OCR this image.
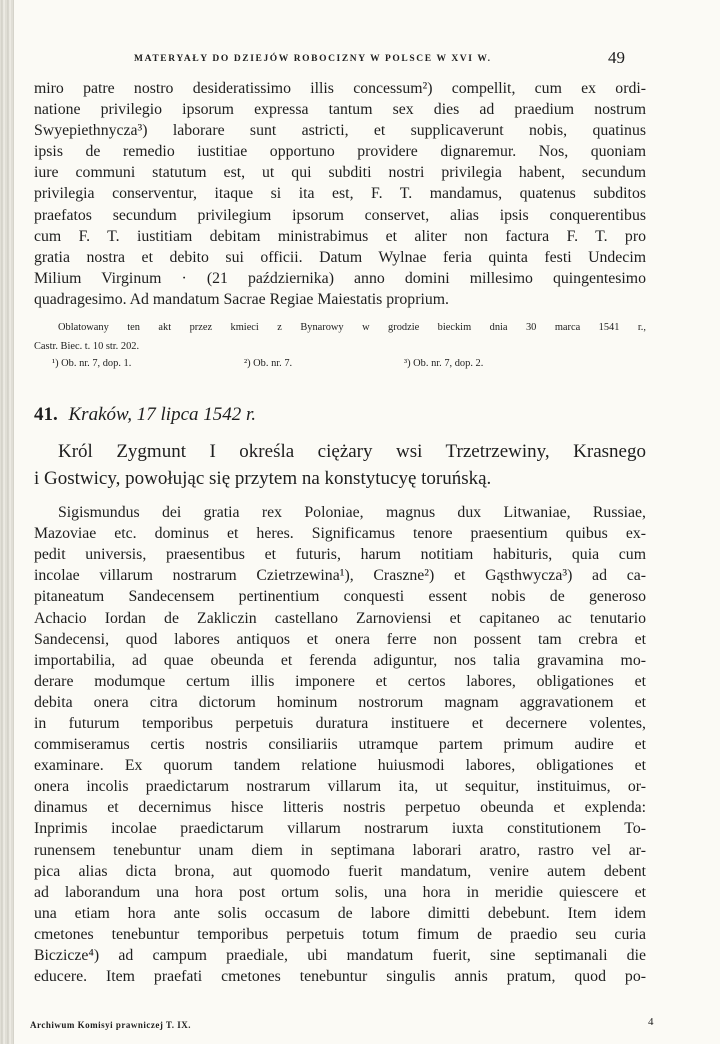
MATERYAŁY DO DZIEJÓW ROBOCIZNY W POLSCE W XVI W.	49
miro patre nostro desideratissimo illis concessum²) compellit, cum ex ordi-
natione privilegio ipsorum expressa tantum sex dies ad praedium nostrum
Swyepiethnycza³) laborare sunt astricti, et supplicaverunt nobis, quatinus
ipsis de remedio iustitiae opportuno providere dignaremur. Nos, quoniam
iure communi statutum est, ut qui subditi nostri privilegia habent, secundum
privilegia conserventur, itaque si ita est, F. T. mandamus, quatenus subditos
praefatos secundum privilegium ipsorum conservet, alias ipsis conquerentibus
cum F. T. iustitiam debitam ministrabimus et aliter non factura F. T. pro
gratia nostra et debito sui officii. Datum Wylnae feria quinta festi Undecim
Milium Virginum · (21 października) anno domini millesimo quingentesimo
quadragesimo. Ad mandatum Sacrae Regiae Maiestatis proprium.
Oblatowany ten akt przez kmieci z Bynarowy w grodzie bieckim dnia 30 marca 1541 r.,
Castr. Biec. t. 10 str. 202.
¹) Ob. nr. 7, dop. 1.	²) Ob. nr. 7.	³) Ob. nr. 7, dop. 2.
41. Kraków, 17 lipca 1542 r.
Król Zygmunt I określa ciężary wsi Trzetrzewiny, Krasnego
i Gostwicy, powołując się przytem na konstytucyę toruńską.
Sigismundus dei gratia rex Poloniae, magnus dux Litwaniae, Russiae,
Mazoviae etc. dominus et heres. Significamus tenore praesentium quibus ex-
pedit universis, praesentibus et futuris, harum notitiam habituris, quia cum
incolae villarum nostrarum Czietrzewina¹), Craszne²) et Gąsthwycza³) ad ca-
pitaneatum Sandecensem pertinentium conquesti essent nobis de generoso
Achacio Iordan de Zakliczin castellano Zarnoviensi et capitaneo ac tenutario
Sandecensi, quod labores antiquos et onera ferre non possent tam crebra et
importabilia, ad quae obeunda et ferenda adiguntur, nos talia gravamina mo-
derare modumque certum illis imponere et certos labores, obligationes et
debita onera citra dictorum hominum nostrorum magnam aggravationem et
in futurum temporibus perpetuis duratura instituere et decernere volentes,
commiseramus certis nostris consiliariis utramque partem primum audire et
examinare. Ex quorum tandem relatione huiusmodi labores, obligationes et
onera incolis praedictarum nostrarum villarum ita, ut sequitur, instituimus, or-
dinamus et decernimus hisce litteris nostris perpetuo obeunda et explenda:
Inprimis incolae praedictarum villarum nostrarum iuxta constitutionem To-
runensem tenebuntur unam diem in septimana laborari aratro, rastro vel ar-
pica alias dicta brona, aut quomodo fuerit mandatum, venire autem debent
ad laborandum una hora post ortum solis, una hora in meridie quiescere et
una etiam hora ante solis occasum de labore dimitti debebunt. Item idem
cmetones tenebuntur temporibus perpetuis totum fimum de praedio seu curia
Biczicze⁴) ad campum praediale, ubi mandatum fuerit, sine septimanali die
educere. Item praefati cmetones tenebuntur singulis annis pratum, quod po-
Archiwum Komisyi prawniczej T. IX.	4
